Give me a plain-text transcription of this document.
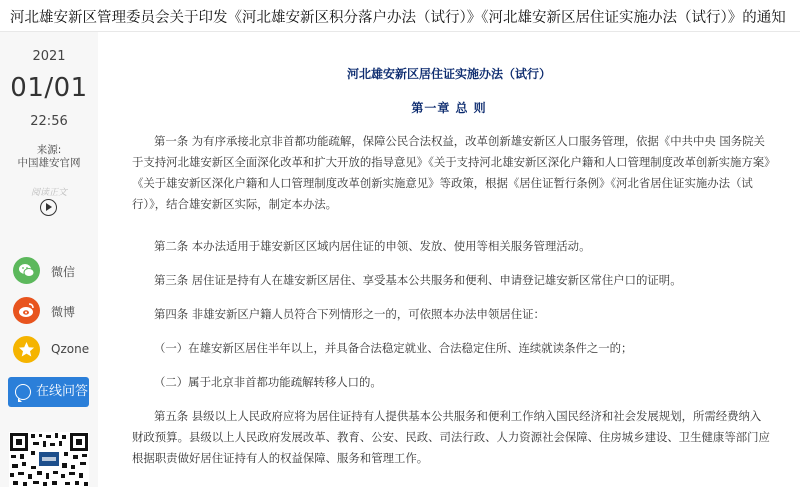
河北雄安新区管理委员会关于印发《河北雄安新区积分落户办法（试行）》《河北雄安新区居住证实施办法（试行）》的通知
2021
01/01
22:56
来源:
中国雄安官网
阅读正文
微信
微博
Qzone
在线问答
河北雄安新区居住证实施办法（试行）
第一章 总 则

第一条 为有序承接北京非首都功能疏解，保障公民合法权益，改革创新雄安新区人口服务管理，依据《中共中央 国务院关于支持河北雄安新区全面深化改革和扩大开放的指导意见》《关于支持河北雄安新区深化户籍和人口管理制度改革创新实施方案》《关于雄安新区深化户籍和人口管理制度改革创新实施意见》等政策，根据《居住证暂行条例》《河北省居住证实施办法（试行）》，结合雄安新区实际，制定本办法。

第二条 本办法适用于雄安新区区域内居住证的申领、发放、使用等相关服务管理活动。

第三条 居住证是持有人在雄安新区居住、享受基本公共服务和便利、申请登记雄安新区常住户口的证明。

第四条 非雄安新区户籍人员符合下列情形之一的，可依照本办法申领居住证：

（一）在雄安新区居住半年以上，并具备合法稳定就业、合法稳定住所、连续就读条件之一的；

（二）属于北京非首都功能疏解转移人口的。

第五条 县级以上人民政府应将为居住证持有人提供基本公共服务和便利工作纳入国民经济和社会发展规划，所需经费纳入财政预算。县级以上人民政府发展改革、教育、公安、民政、司法行政、人力资源社会保障、住房城乡建设、卫生健康等部门应根据职责做好居住证持有人的权益保障、服务和管理工作。
